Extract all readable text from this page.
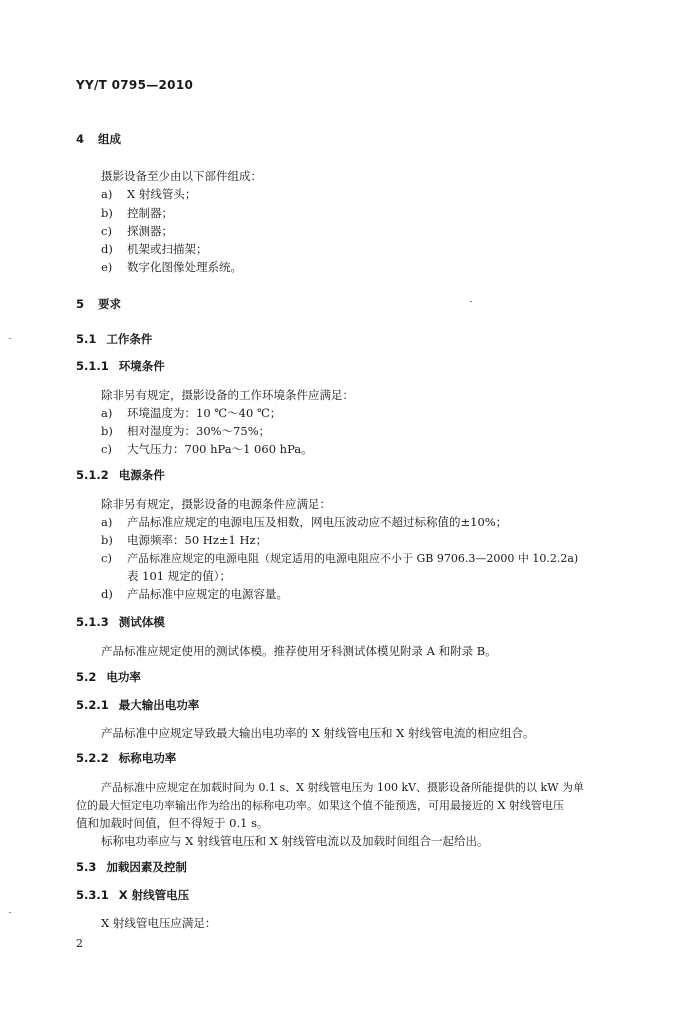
YY/T 0795—2010
4 组成
摄影设备至少由以下部件组成：
a) X 射线管头；
b) 控制器；
c) 探测器；
d) 机架或扫描架；
e) 数字化图像处理系统。
5 要求
5.1 工作条件
5.1.1 环境条件
除非另有规定，摄影设备的工作环境条件应满足：
a) 环境温度为：10 ℃～40 ℃；
b) 相对湿度为：30%～75%；
c) 大气压力：700 hPa～1 060 hPa。
5.1.2 电源条件
除非另有规定，摄影设备的电源条件应满足：
a) 产品标准应规定的电源电压及相数，网电压波动应不超过标称值的±10%；
b) 电源频率：50 Hz±1 Hz；
c) 产品标准应规定的电源电阻（规定适用的电源电阻应不小于 GB 9706.3—2000 中 10.2.2a)
表 101 规定的值）；
d) 产品标准中应规定的电源容量。
5.1.3 测试体模
产品标准应规定使用的测试体模。推荐使用牙科测试体模见附录 A 和附录 B。
5.2 电功率
5.2.1 最大输出电功率
产品标准中应规定导致最大输出电功率的 X 射线管电压和 X 射线管电流的相应组合。
5.2.2 标称电功率
产品标准中应规定在加载时间为 0.1 s、X 射线管电压为 100 kV、摄影设备所能提供的以 kW 为单
位的最大恒定电功率输出作为给出的标称电功率。如果这个值不能预选，可用最接近的 X 射线管电压
值和加载时间值，但不得短于 0.1 s。
标称电功率应与 X 射线管电压和 X 射线管电流以及加载时间组合一起给出。
5.3 加载因素及控制
5.3.1 X 射线管电压
X 射线管电压应满足：
2
